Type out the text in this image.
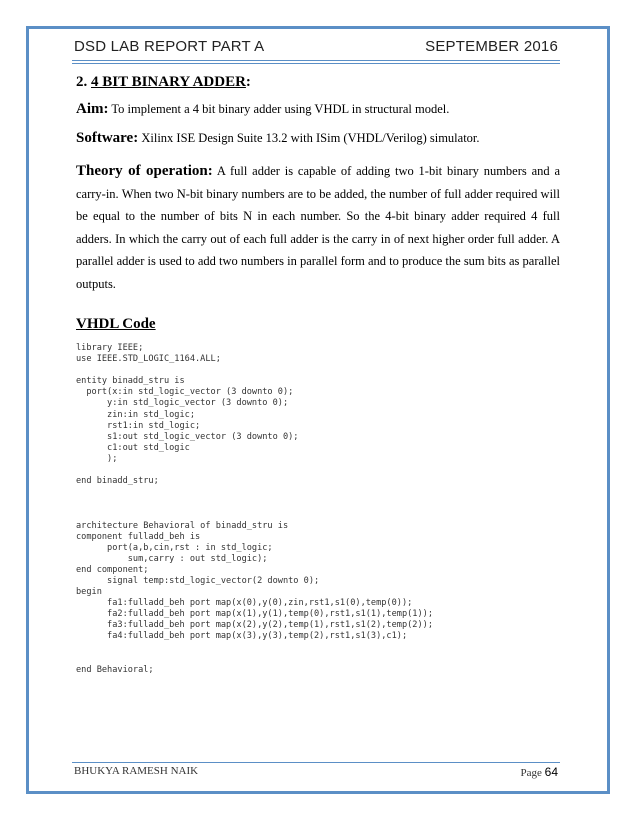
DSD LAB REPORT PART A	SEPTEMBER 2016
2. 4 BIT BINARY ADDER:
Aim: To implement a 4 bit binary adder using VHDL in structural model.
Software: Xilinx ISE Design Suite 13.2 with ISim (VHDL/Verilog) simulator.
Theory of operation: A full adder is capable of adding two 1-bit binary numbers and a carry-in. When two N-bit binary numbers are to be added, the number of full adder required will be equal to the number of bits N in each number. So the 4-bit binary adder required 4 full adders. In which the carry out of each full adder is the carry in of next higher order full adder. A parallel adder is used to add two numbers in parallel form and to produce the sum bits as parallel outputs.
VHDL Code
library IEEE;
use IEEE.STD_LOGIC_1164.ALL;

entity binadd_stru is
port(x:in std_logic_vector (3 downto 0);
y:in std_logic_vector (3 downto 0);
zin:in std_logic;
rst1:in std_logic;
s1:out std_logic_vector (3 downto 0);
c1:out std_logic
);

end binadd_stru;

architecture Behavioral of binadd_stru is
component fulladd_beh is
port(a,b,cin,rst : in std_logic;
sum,carry : out std_logic);
end component;
signal temp:std_logic_vector(2 downto 0);
begin
fa1:fulladd_beh port map(x(0),y(0),zin,rst1,s1(0),temp(0));
fa2:fulladd_beh port map(x(1),y(1),temp(0),rst1,s1(1),temp(1));
fa3:fulladd_beh port map(x(2),y(2),temp(1),rst1,s1(2),temp(2));
fa4:fulladd_beh port map(x(3),y(3),temp(2),rst1,s1(3),c1);

end Behavioral;
BHUKYA RAMESH NAIK	Page 64
